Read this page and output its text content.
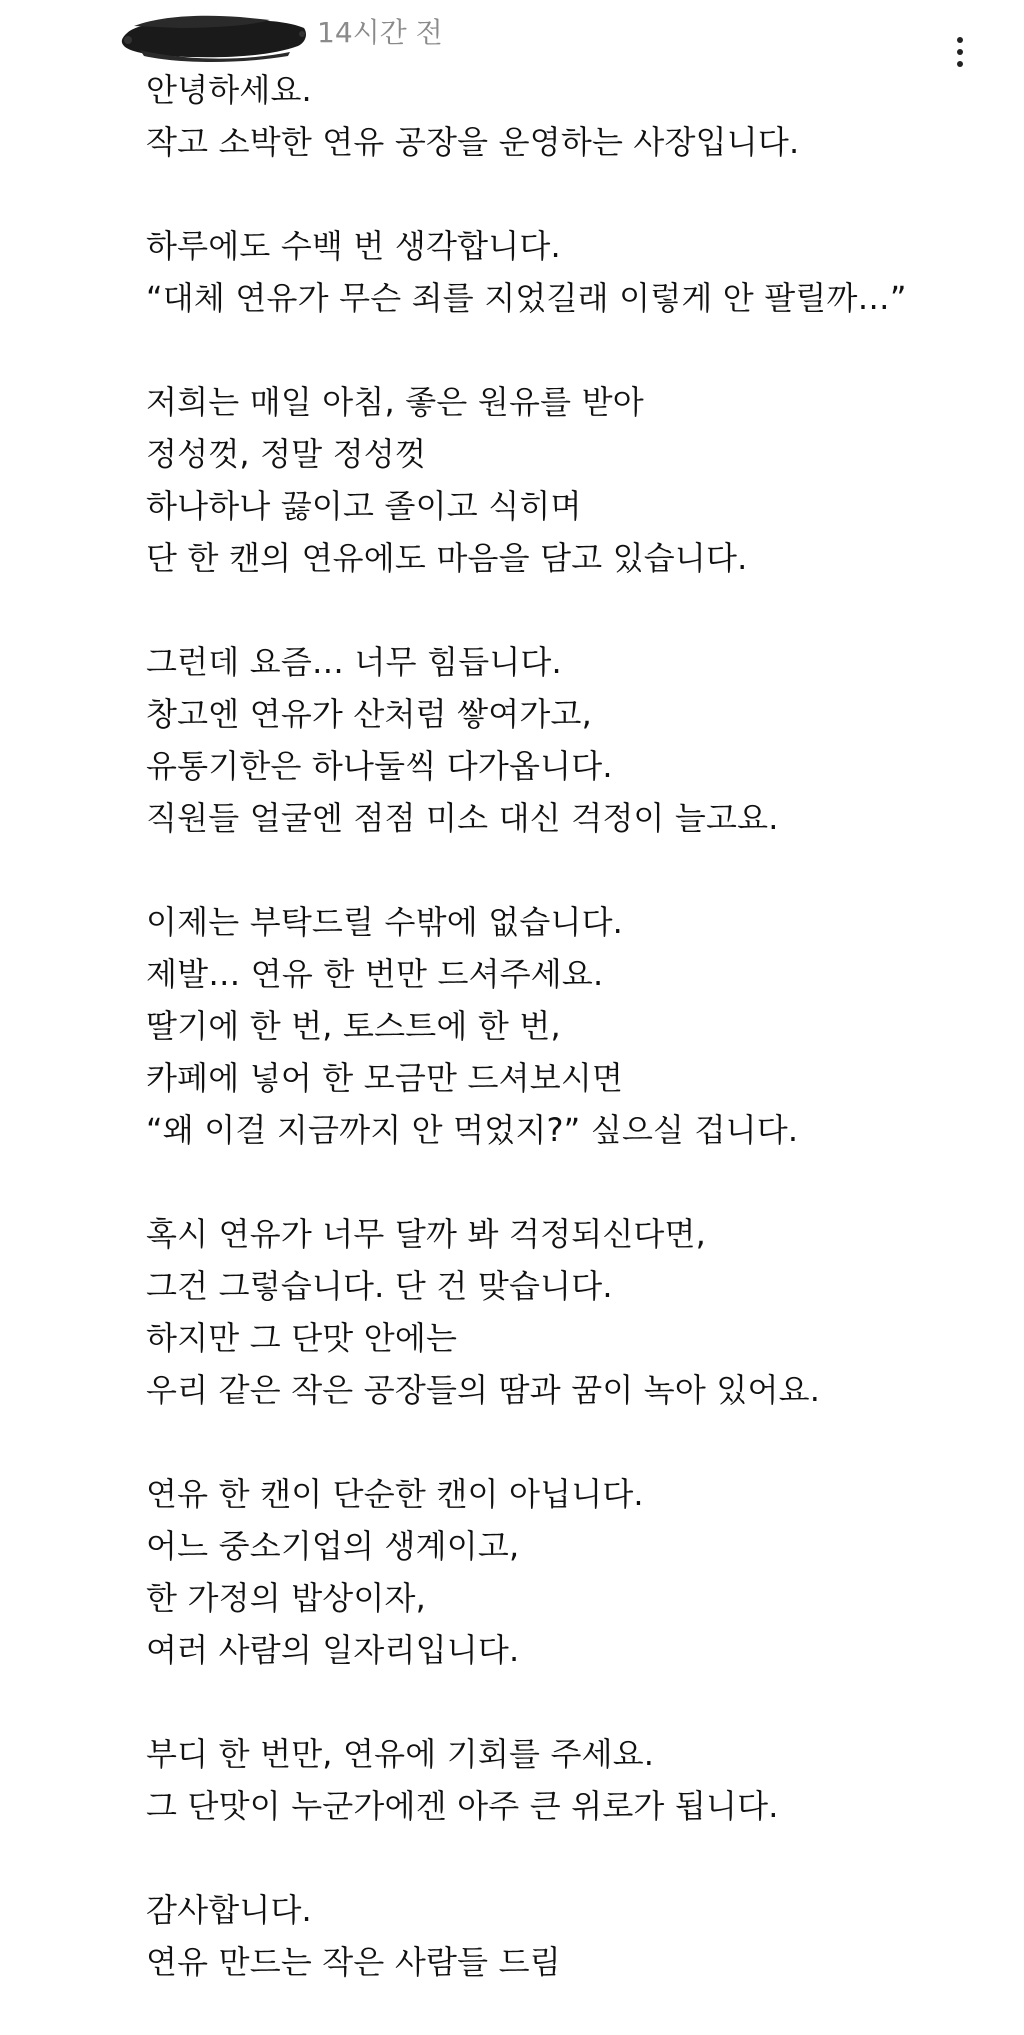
14시간 전
안녕하세요.
작고 소박한 연유 공장을 운영하는 사장입니다.
하루에도 수백 번 생각합니다.
“대체 연유가 무슨 죄를 지었길래 이렇게 안 팔릴까…”
저희는 매일 아침, 좋은 원유를 받아
정성껏, 정말 정성껏
하나하나 끓이고 졸이고 식히며
단 한 캔의 연유에도 마음을 담고 있습니다.
그런데 요즘… 너무 힘듭니다.
창고엔 연유가 산처럼 쌓여가고,
유통기한은 하나둘씩 다가옵니다.
직원들 얼굴엔 점점 미소 대신 걱정이 늘고요.
이제는 부탁드릴 수밖에 없습니다.
제발… 연유 한 번만 드셔주세요.
딸기에 한 번, 토스트에 한 번,
카페에 넣어 한 모금만 드셔보시면
“왜 이걸 지금까지 안 먹었지?” 싶으실 겁니다.
혹시 연유가 너무 달까 봐 걱정되신다면,
그건 그렇습니다. 단 건 맞습니다.
하지만 그 단맛 안에는
우리 같은 작은 공장들의 땀과 꿈이 녹아 있어요.
연유 한 캔이 단순한 캔이 아닙니다.
어느 중소기업의 생계이고,
한 가정의 밥상이자,
여러 사람의 일자리입니다.
부디 한 번만, 연유에 기회를 주세요.
그 단맛이 누군가에겐 아주 큰 위로가 됩니다.
감사합니다.
연유 만드는 작은 사람들 드림
